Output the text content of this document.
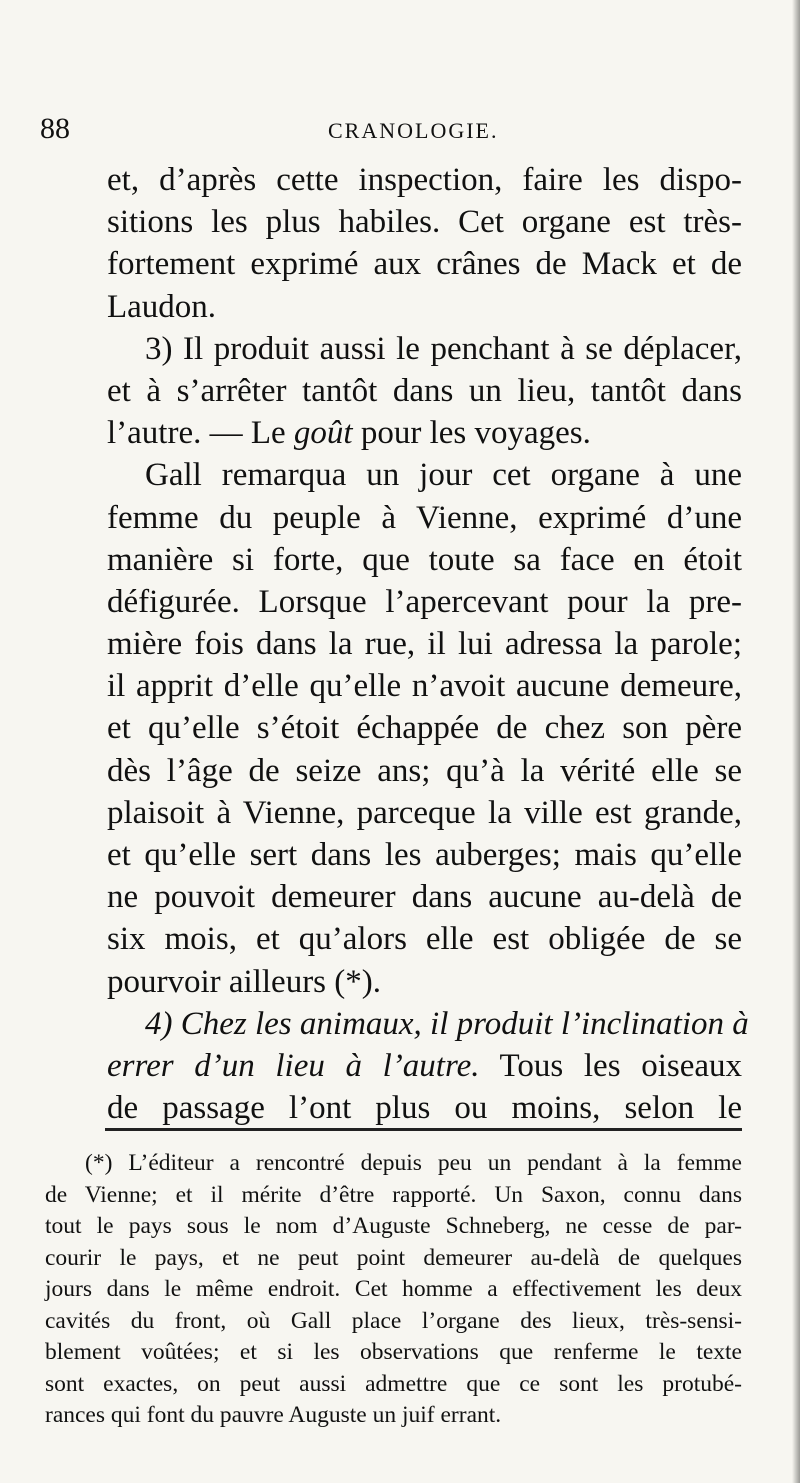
88	CRANOLOGIE.
et, d’après cette inspection, faire les dispo-
sitions les plus habiles. Cet organe est très-
fortement exprimé aux crânes de Mack et de
Laudon.
3) Il produit aussi le penchant à se déplacer,
et à s’arrêter tantôt dans un lieu, tantôt dans
l’autre. — Le goût pour les voyages.
Gall remarqua un jour cet organe à une
femme du peuple à Vienne, exprimé d’une
manière si forte, que toute sa face en étoit
défigurée. Lorsque l’apercevant pour la pre-
mière fois dans la rue, il lui adressa la parole;
il apprit d’elle qu’elle n’avoit aucune demeure,
et qu’elle s’étoit échappée de chez son père
dès l’âge de seize ans; qu’à la vérité elle se
plaisoit à Vienne, parceque la ville est grande,
et qu’elle sert dans les auberges; mais qu’elle
ne pouvoit demeurer dans aucune au-delà de
six mois, et qu’alors elle est obligée de se
pourvoir ailleurs (*).
4) Chez les animaux, il produit l’inclination à
errer d’un lieu à l’autre. Tous les oiseaux
de passage l’ont plus ou moins, selon le
(*) L’éditeur a rencontré depuis peu un pendant à la femme
de Vienne; et il mérite d’être rapporté. Un Saxon, connu dans
tout le pays sous le nom d’Auguste Schneberg, ne cesse de par-
courir le pays, et ne peut point demeurer au-delà de quelques
jours dans le même endroit. Cet homme a effectivement les deux
cavités du front, où Gall place l’organe des lieux, très-sensi-
blement voûtées; et si les observations que renferme le texte
sont exactes, on peut aussi admettre que ce sont les protubé-
rances qui font du pauvre Auguste un juif errant.
